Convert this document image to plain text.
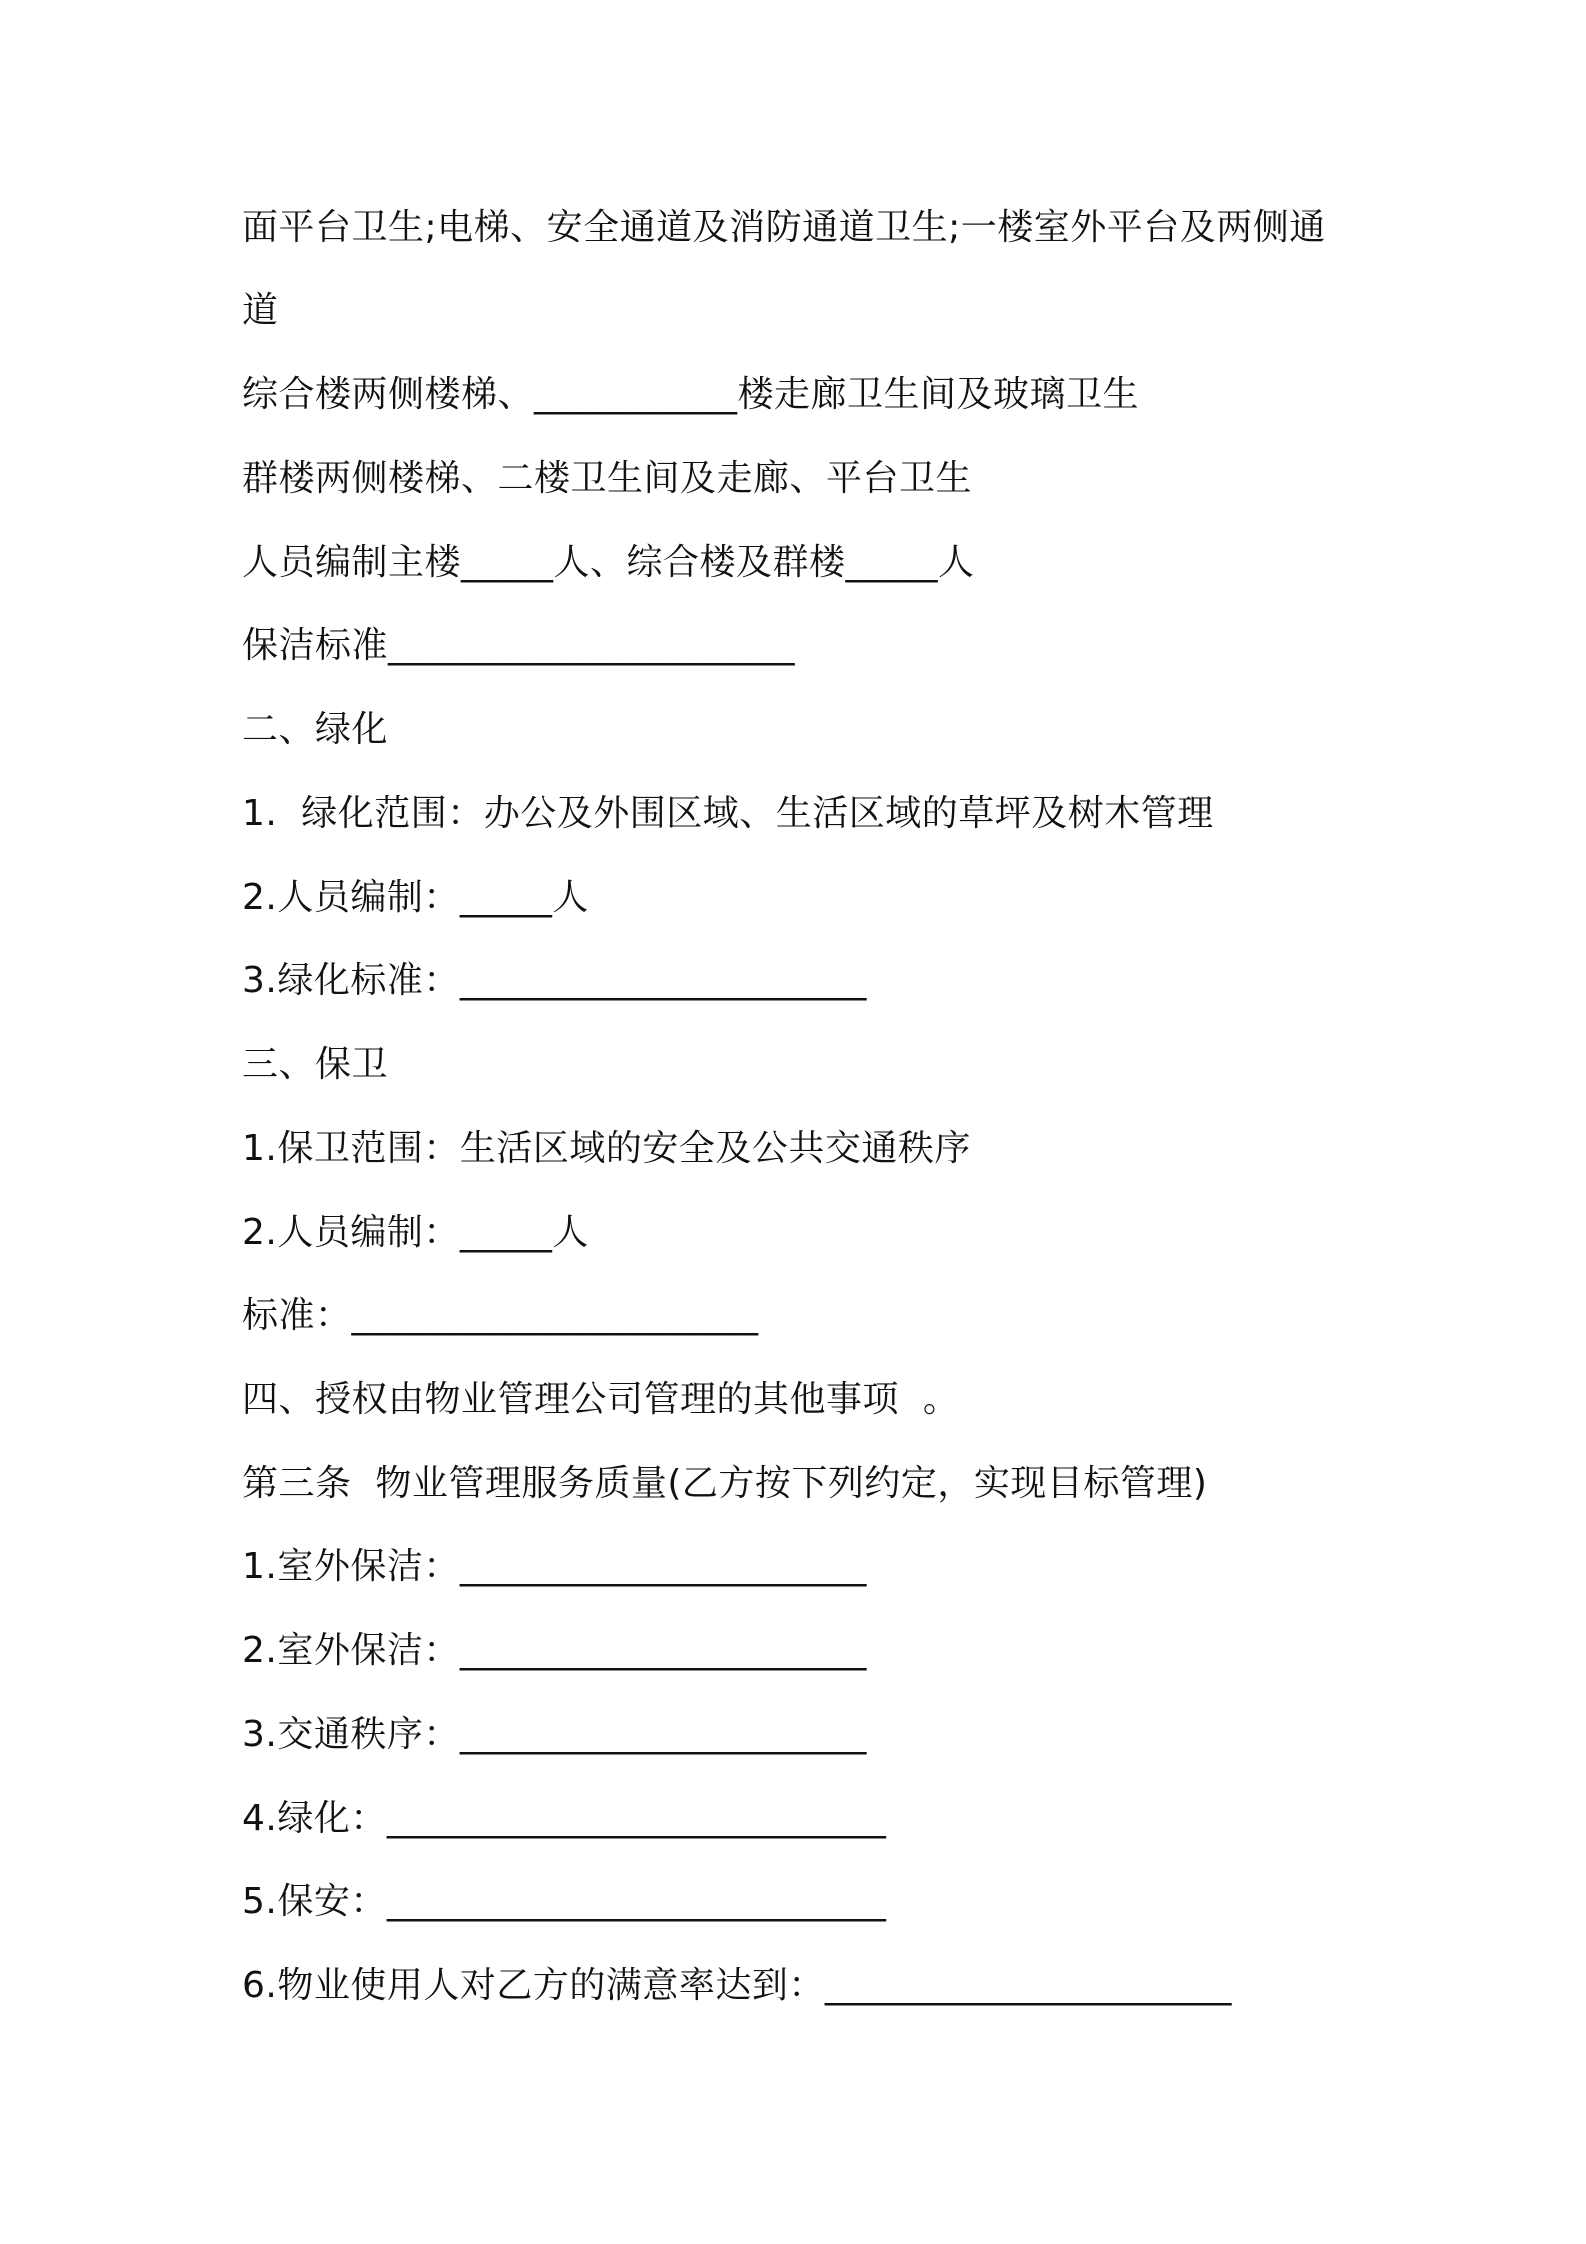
面平台卫生;电梯、安全通道及消防通道卫生;一楼室外平台及两侧通
道
综合楼两侧楼梯、___________楼走廊卫生间及玻璃卫生
群楼两侧楼梯、二楼卫生间及走廊、平台卫生
人员编制主楼_____人、综合楼及群楼_____人
保洁标准______________________
二、绿化
1.  绿化范围：办公及外围区域、生活区域的草坪及树木管理
2.人员编制：_____人
3.绿化标准：______________________
三、保卫
1.保卫范围：生活区域的安全及公共交通秩序
2.人员编制：_____人
标准：______________________
四、授权由物业管理公司管理的其他事项  。
第三条  物业管理服务质量(乙方按下列约定，实现目标管理)
1.室外保洁：______________________
2.室外保洁：______________________
3.交通秩序：______________________
4.绿化：___________________________
5.保安：___________________________
6.物业使用人对乙方的满意率达到：______________________
